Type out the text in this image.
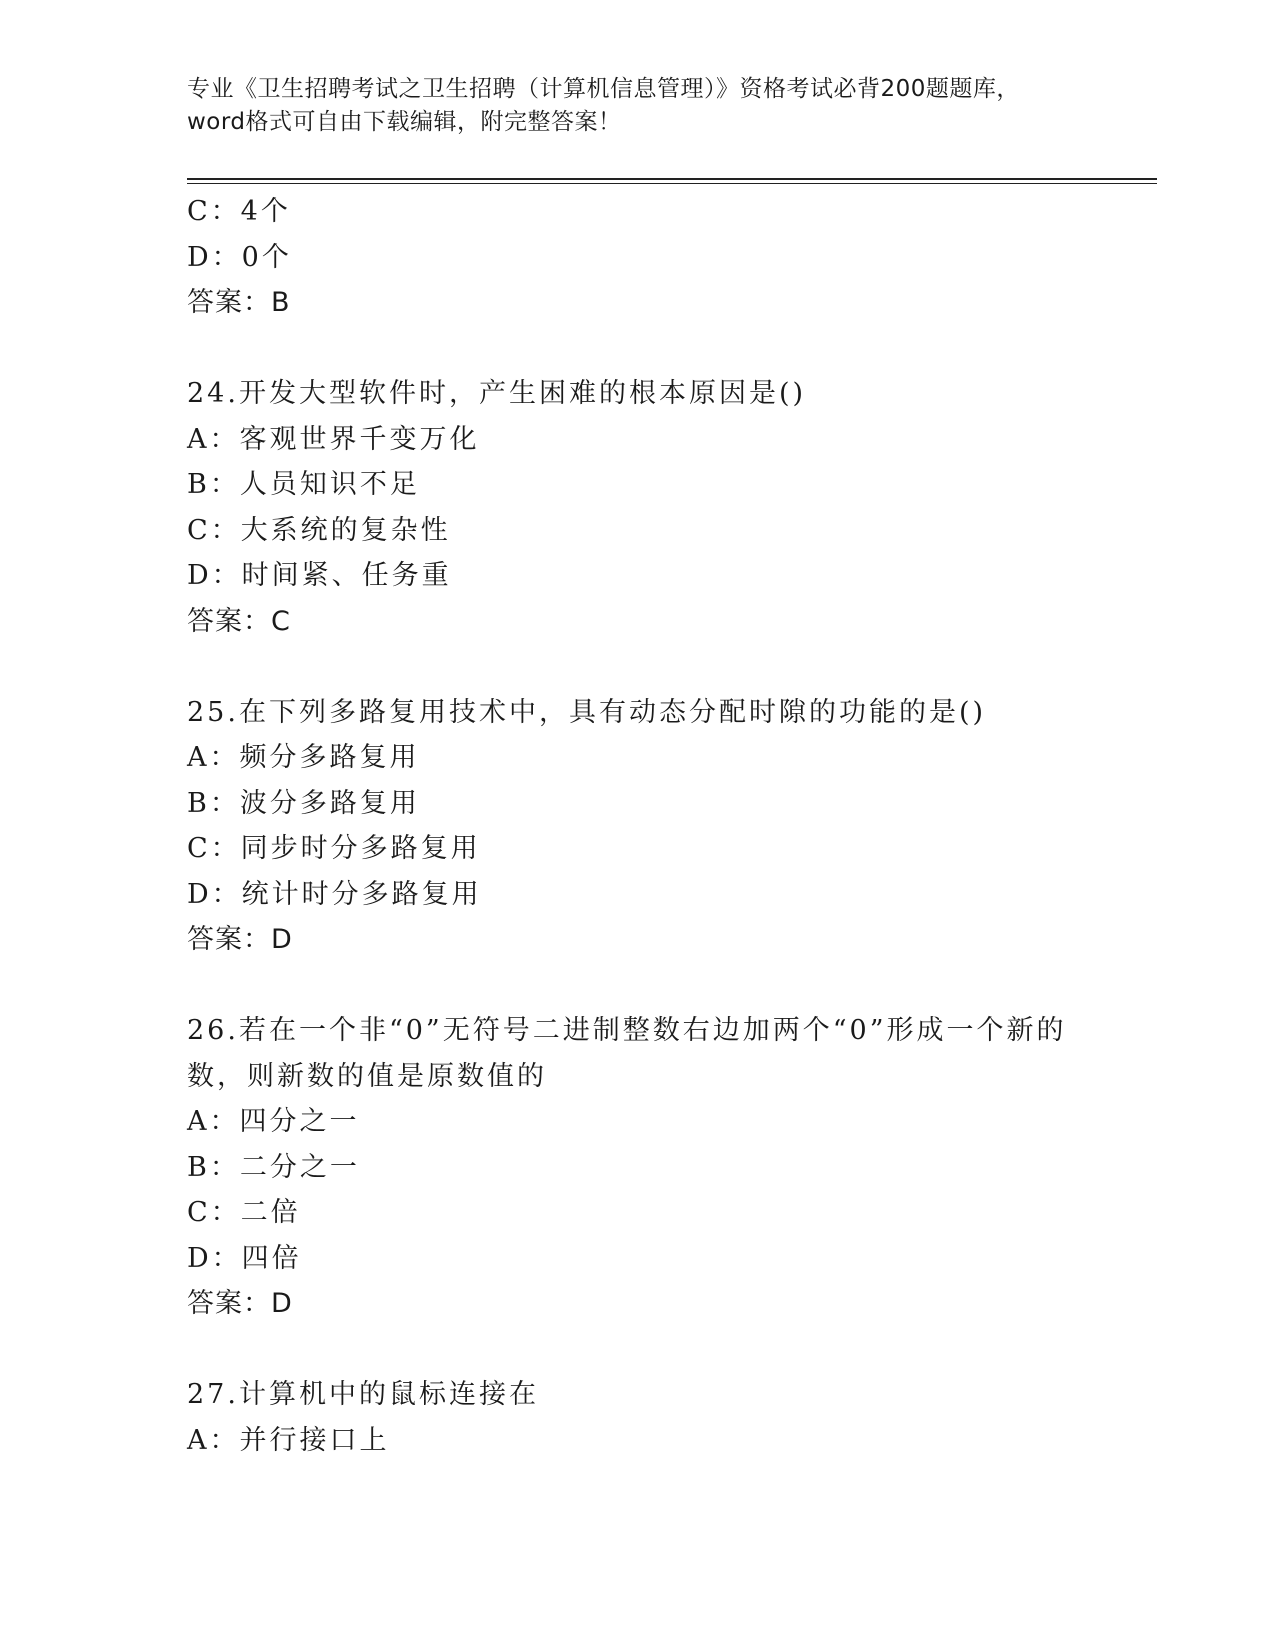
专业《卫生招聘考试之卫生招聘（计算机信息管理）》资格考试必背200题题库，
word格式可自由下载编辑，附完整答案！
C：4个
D：0个
答案：B
24.开发大型软件时，产生困难的根本原因是()
A：客观世界千变万化
B：人员知识不足
C：大系统的复杂性
D：时间紧、任务重
答案：C
25.在下列多路复用技术中，具有动态分配时隙的功能的是()
A：频分多路复用
B：波分多路复用
C：同步时分多路复用
D：统计时分多路复用
答案：D
26.若在一个非“0”无符号二进制整数右边加两个“0”形成一个新的
数，则新数的值是原数值的
A：四分之一
B：二分之一
C：二倍
D：四倍
答案：D
27.计算机中的鼠标连接在
A：并行接口上
